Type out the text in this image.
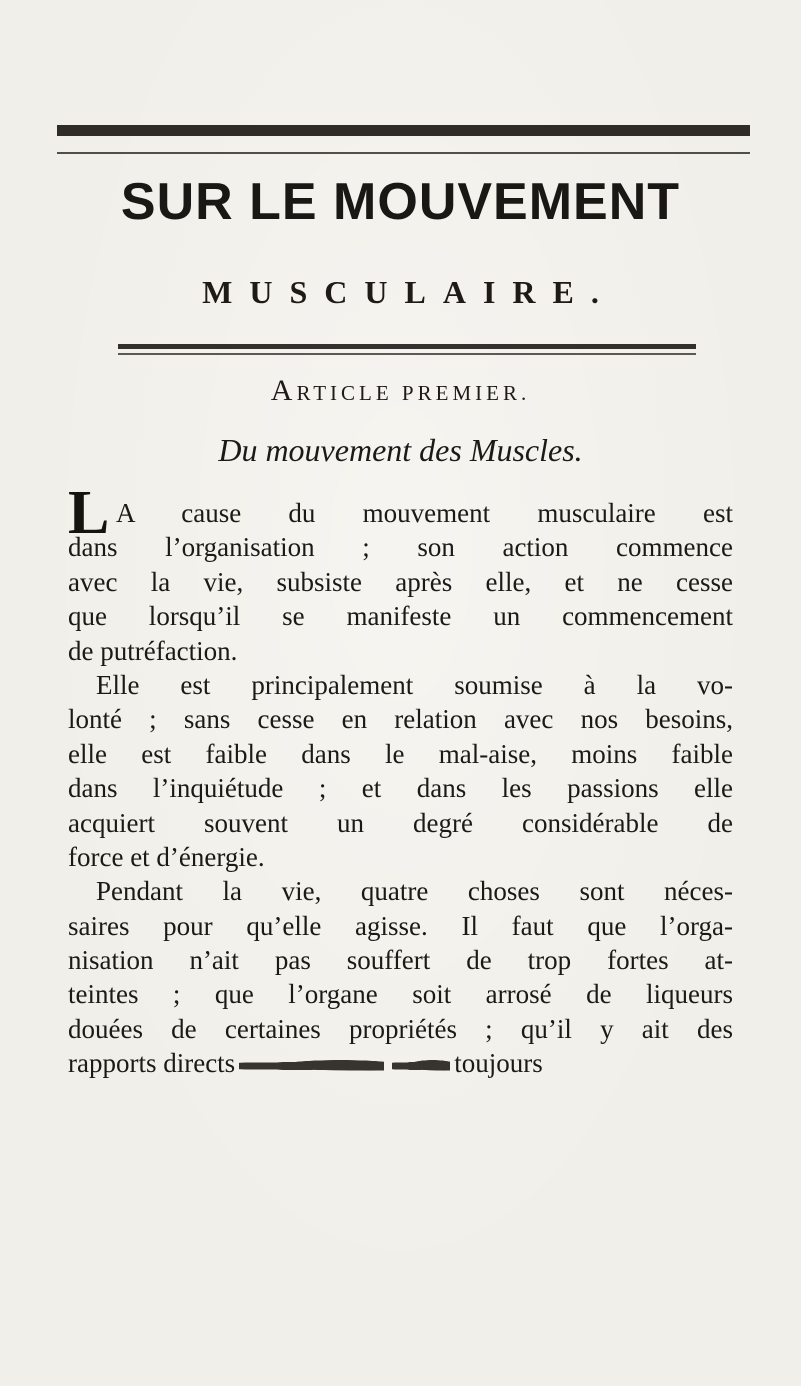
SUR LE MOUVEMENT
MUSCULAIRE.
ARTICLE PREMIER.
Du mouvement des Muscles.
L A cause du mouvement musculaire est
dans l’organisation ; son action commence
avec la vie, subsiste après elle, et ne cesse
que lorsqu’il se manifeste un commencement
de putréfaction.
Elle est principalement soumise à la vo-
lonté ; sans cesse en relation avec nos besoins,
elle est faible dans le mal-aise, moins faible
dans l’inquiétude ; et dans les passions elle
acquiert souvent un degré considérable de
force et d’énergie.
Pendant la vie, quatre choses sont néces-
saires pour qu’elle agisse. Il faut que l’orga-
nisation n’ait pas souffert de trop fortes at-
teintes ; que l’organe soit arrosé de liqueurs
douées de certaines propriétés ; qu’il y ait des
rapports directs	toujours
